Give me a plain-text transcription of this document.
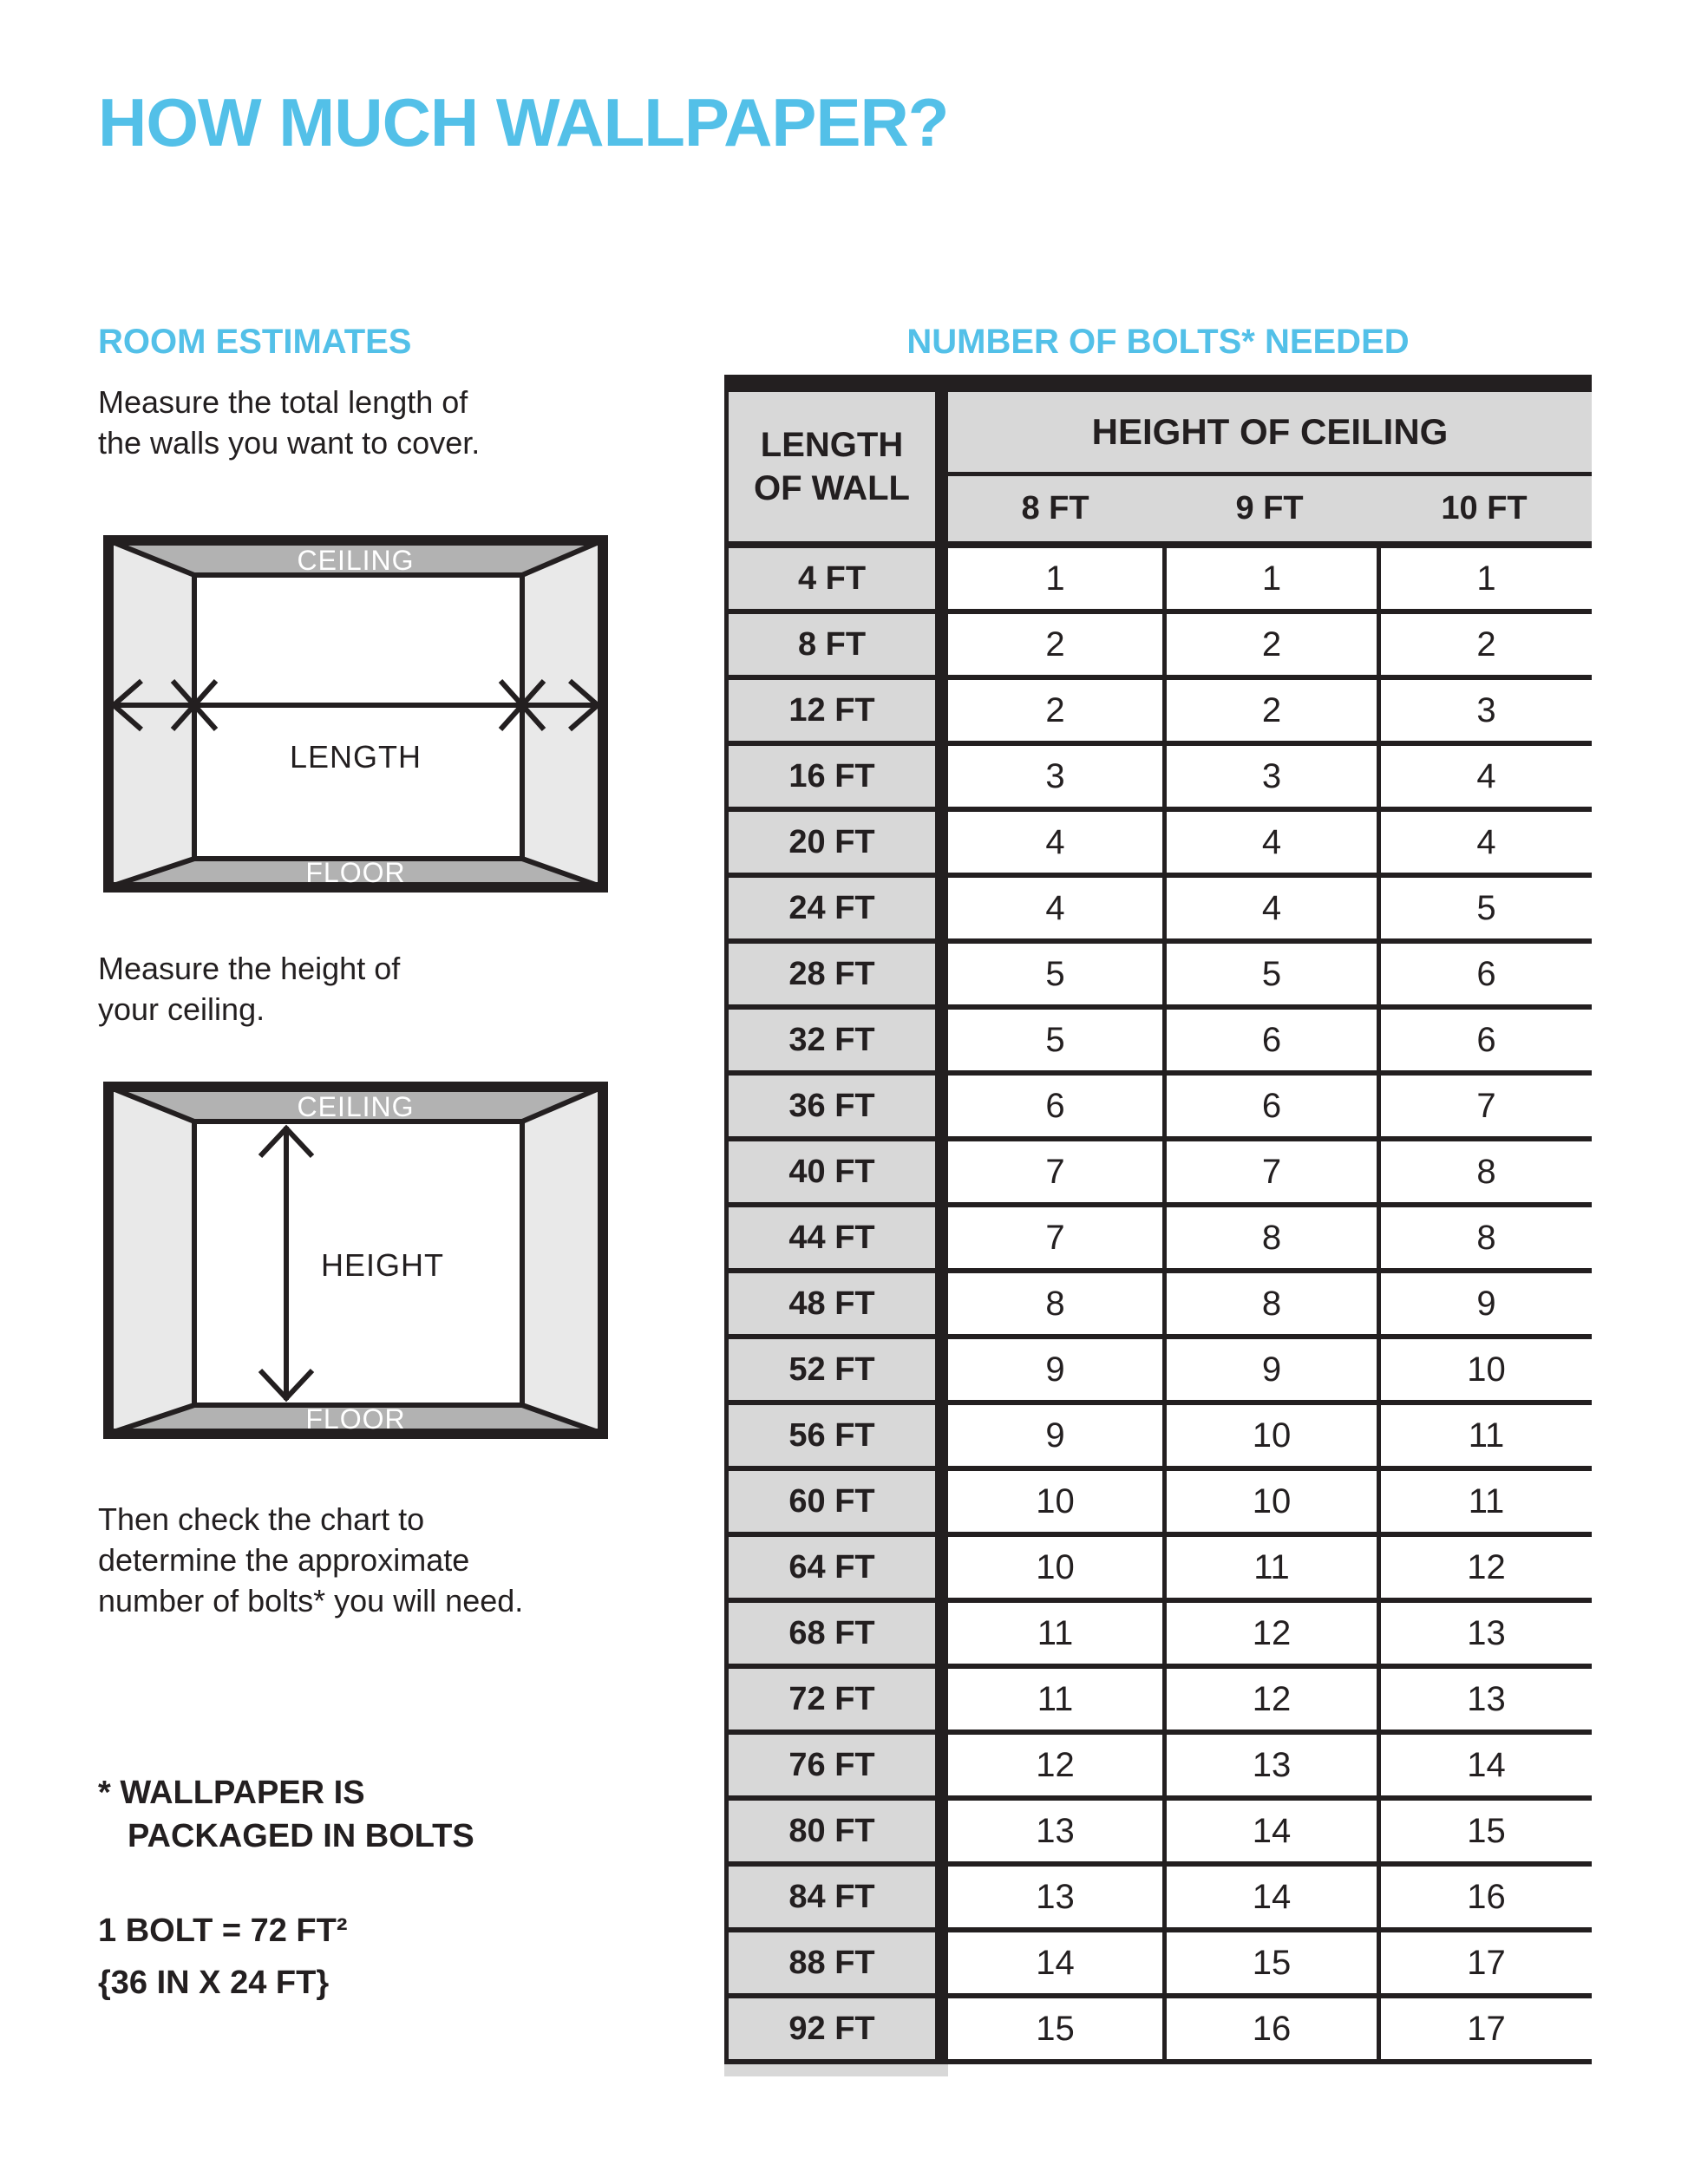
HOW MUCH WALLPAPER?
ROOM ESTIMATES	NUMBER OF BOLTS* NEEDED
Measure the total length of
the walls you want to cover.
CEILING
FLOOR
LENGTH
Measure the height of
your ceiling.
CEILING
FLOOR
HEIGHT
Then check the chart to
determine the approximate
number of bolts* you will need.
* WALLPAPER IS
PACKAGED IN BOLTS
1 BOLT = 72 FT²
{36 IN X 24 FT}
LENGTH
OF WALL
HEIGHT OF CEILING
8 FT	9 FT	10 FT
4 FT	1	1	1
8 FT	2	2	2
12 FT	2	2	3
16 FT	3	3	4
20 FT	4	4	4
24 FT	4	4	5
28 FT	5	5	6
32 FT	5	6	6
36 FT	6	6	7
40 FT	7	7	8
44 FT	7	8	8
48 FT	8	8	9
52 FT	9	9	10
56 FT	9	10	11
60 FT	10	10	11
64 FT	10	11	12
68 FT	11	12	13
72 FT	11	12	13
76 FT	12	13	14
80 FT	13	14	15
84 FT	13	14	16
88 FT	14	15	17
92 FT	15	16	17
